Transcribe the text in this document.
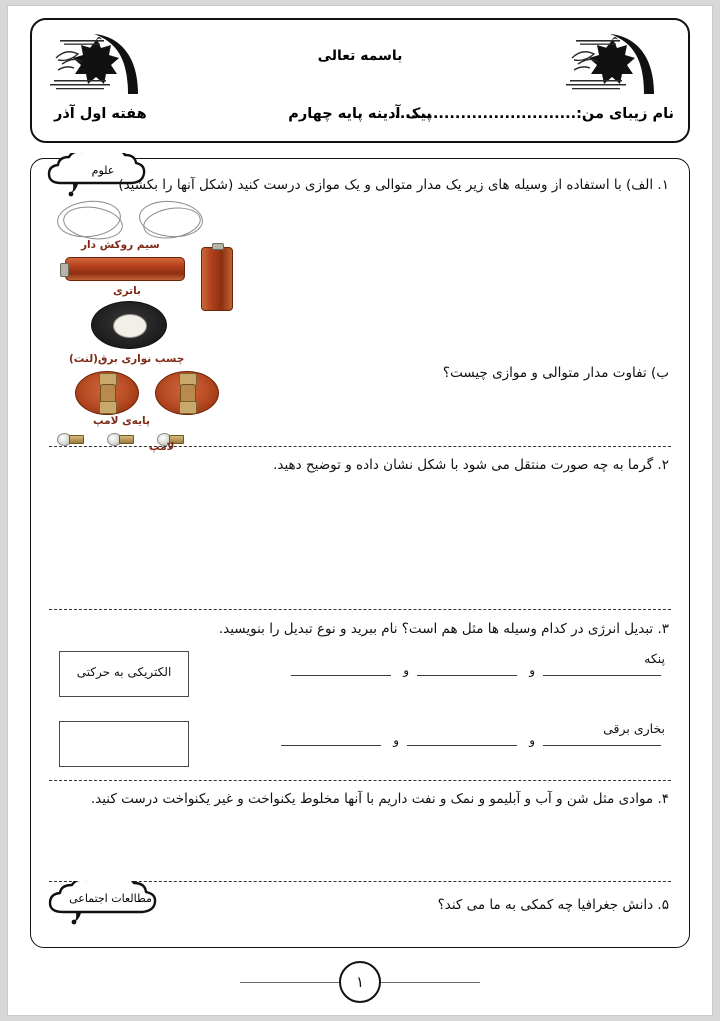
باسمه تعالی
نام زیبای من:.................................
پیک آدینه پایه چهارم
هفته اول آذر
علوم
۱. الف) با استفاده از وسیله های زیر یک مدار متوالی و یک موازی درست کنید (شکل آنها را بکشید)
سیم روکش دار
باتری
چسب نواری برق(لنت)
پایه‌ی لامپ
لامپ
ب) تفاوت مدار متوالی و موازی چیست؟
۲. گرما به چه صورت منتقل می شود با شکل نشان داده و توضیح دهید.
۳. تبدیل انرژی در کدام وسیله ها مثل هم است؟ نام ببرید و نوع تبدیل را بنویسید.
پنکه
و
و
الکتریکی به حرکتی
بخاری برقی
و
و
۴. موادی مثل شن و آب و آبلیمو و نمک و نفت داریم با آنها مخلوط یکنواخت و غیر یکنواخت درست کنید.
مطالعات اجتماعی	۵. دانش جغرافیا چه کمکی به ما می کند؟
۱
